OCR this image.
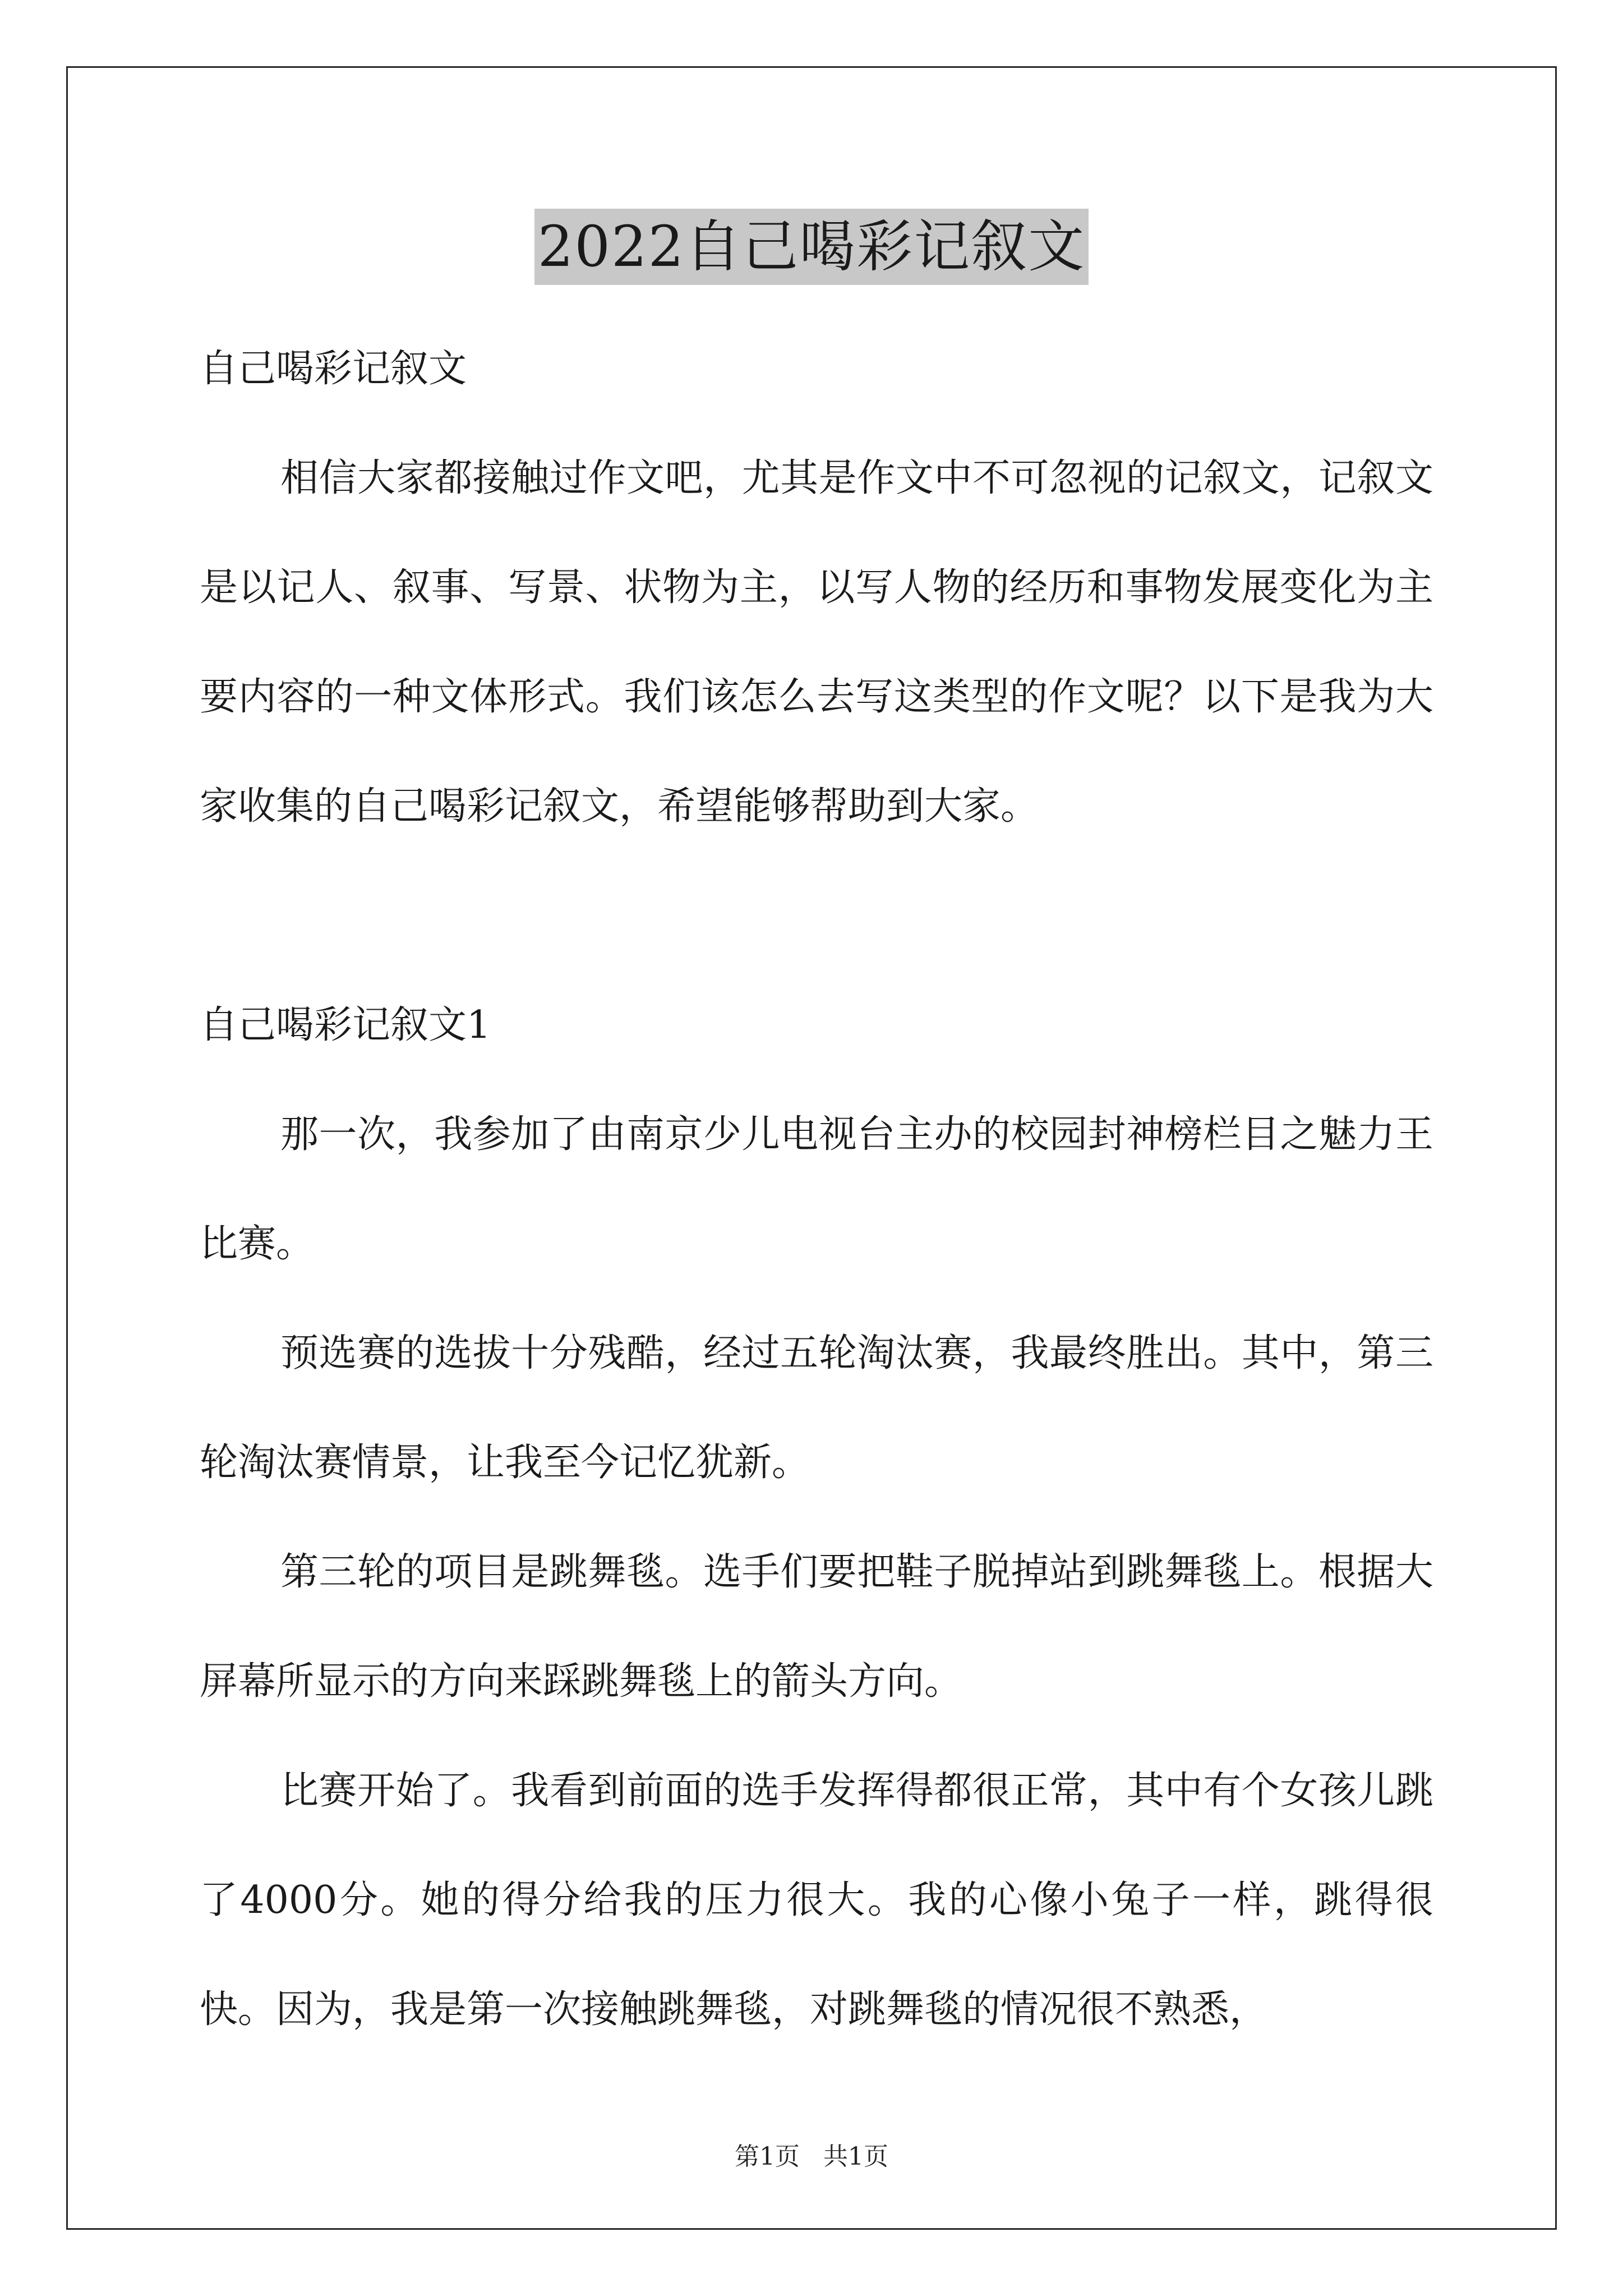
2022自己喝彩记叙文

自己喝彩记叙文

相信大家都接触过作文吧，尤其是作文中不可忽视的记叙文，记叙文是以记人、叙事、写景、状物为主，以写人物的经历和事物发展变化为主要内容的一种文体形式。我们该怎么去写这类型的作文呢？以下是我为大家收集的自己喝彩记叙文，希望能够帮助到大家。

自己喝彩记叙文1

那一次，我参加了由南京少儿电视台主办的校园封神榜栏目之魅力王比赛。

预选赛的选拔十分残酷，经过五轮淘汰赛，我最终胜出。其中，第三轮淘汰赛情景，让我至今记忆犹新。

第三轮的项目是跳舞毯。选手们要把鞋子脱掉站到跳舞毯上。根据大屏幕所显示的方向来踩跳舞毯上的箭头方向。

比赛开始了。我看到前面的选手发挥得都很正常，其中有个女孩儿跳了4000分。她的得分给我的压力很大。我的心像小兔子一样，跳得很快。因为，我是第一次接触跳舞毯，对跳舞毯的情况很不熟悉，

第1页   共1页
